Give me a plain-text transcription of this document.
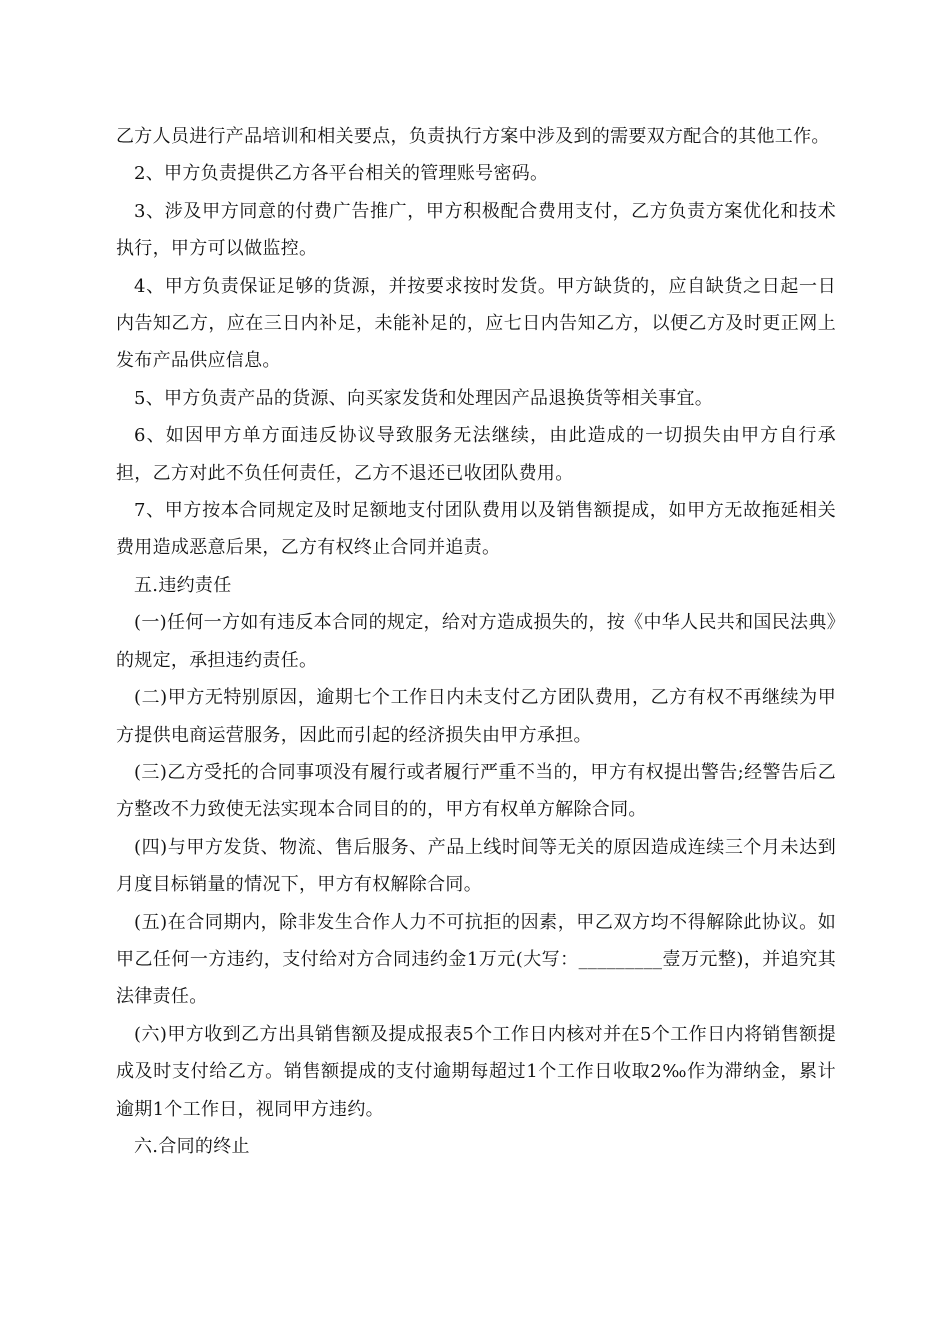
乙方人员进行产品培训和相关要点，负责执行方案中涉及到的需要双方配合的其他工作。

2、甲方负责提供乙方各平台相关的管理账号密码。

3、涉及甲方同意的付费广告推广，甲方积极配合费用支付，乙方负责方案优化和技术执行，甲方可以做监控。

4、甲方负责保证足够的货源，并按要求按时发货。甲方缺货的，应自缺货之日起一日内告知乙方，应在三日内补足，未能补足的，应七日内告知乙方，以便乙方及时更正网上发布产品供应信息。

5、甲方负责产品的货源、向买家发货和处理因产品退换货等相关事宜。

6、如因甲方单方面违反协议导致服务无法继续，由此造成的一切损失由甲方自行承担，乙方对此不负任何责任，乙方不退还已收团队费用。

7、甲方按本合同规定及时足额地支付团队费用以及销售额提成，如甲方无故拖延相关费用造成恶意后果，乙方有权终止合同并追责。

五.违约责任

(一)任何一方如有违反本合同的规定，给对方造成损失的，按《中华人民共和国民法典》的规定，承担违约责任。

(二)甲方无特别原因，逾期七个工作日内未支付乙方团队费用，乙方有权不再继续为甲方提供电商运营服务，因此而引起的经济损失由甲方承担。

(三)乙方受托的合同事项没有履行或者履行严重不当的，甲方有权提出警告;经警告后乙方整改不力致使无法实现本合同目的的，甲方有权单方解除合同。

(四)与甲方发货、物流、售后服务、产品上线时间等无关的原因造成连续三个月未达到月度目标销量的情况下，甲方有权解除合同。

(五)在合同期内，除非发生合作人力不可抗拒的因素，甲乙双方均不得解除此协议。如甲乙任何一方违约，支付给对方合同违约金1万元(大写：_________壹万元整)，并追究其法律责任。

(六)甲方收到乙方出具销售额及提成报表5个工作日内核对并在5个工作日内将销售额提成及时支付给乙方。销售额提成的支付逾期每超过1个工作日收取2‰作为滞纳金，累计逾期1个工作日，视同甲方违约。

六.合同的终止
